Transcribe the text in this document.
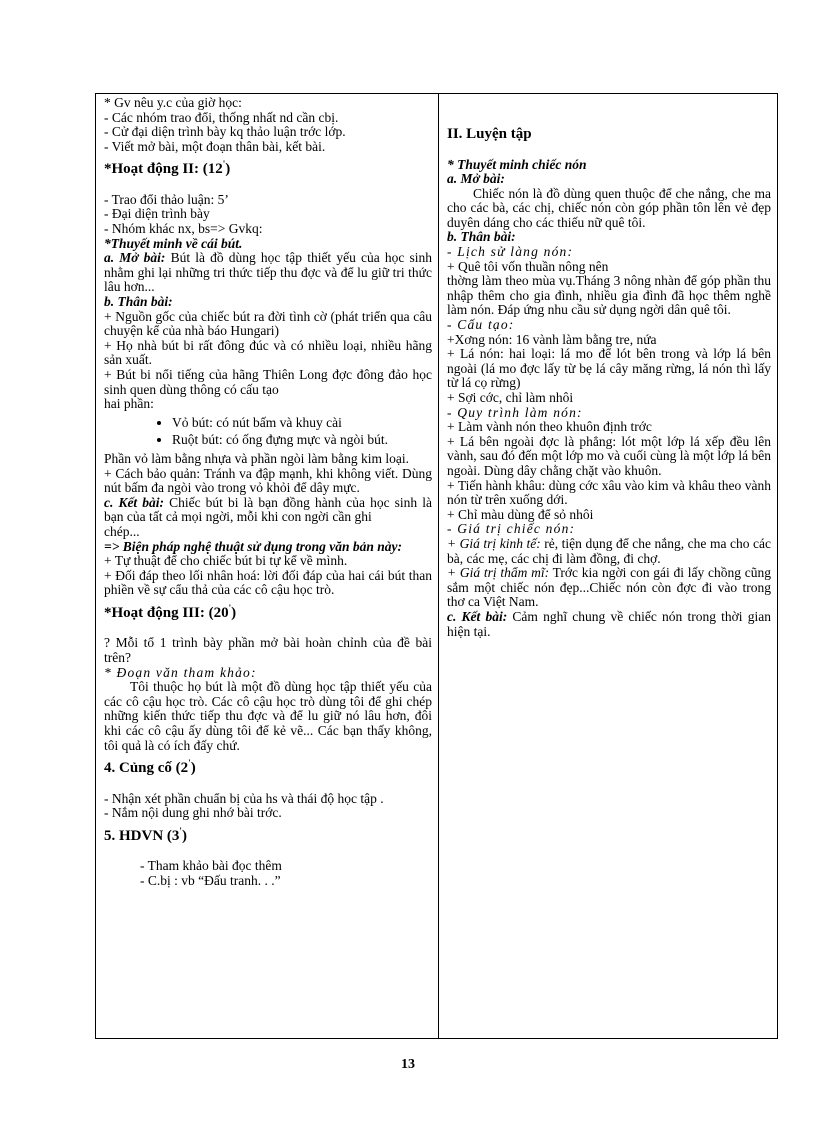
* Gv nêu y.c của giờ học:

- Các nhóm trao đổi, thống nhất nd cần cbị.

- Cử đại diện trình bày kq thảo luận trớc lớp.

- Viết mở bài, một đoạn thân bài, kết bài.

*Hoạt động II: (12')

- Trao đổi thảo luận: 5’

- Đại diện trình bày

- Nhóm khác nx, bs=> Gvkq:

*Thuyết minh về cái bút.

a. Mở bài: Bút là đồ dùng học tập thiết yếu của học sinh nhằm ghi lại những tri thức tiếp thu đợc và để lu giữ tri thức lâu hơn...

b. Thân bài:

+ Nguồn gốc của chiếc bút ra đời tình cờ (phát triển qua câu chuyện kể của nhà báo Hungari)

+ Họ nhà bút bi rất đông đúc và có nhiều loại, nhiều hãng sản xuất.

+ Bút bi nổi tiếng của hãng Thiên Long đợc đông đảo học sinh quen dùng thông có cấu tạo

hai phần:

• Vỏ bút: có nút bấm và khuy cài
• Ruột bút: có ống đựng mực và ngòi bút.

Phần vỏ làm bằng nhựa và phần ngòi làm bằng kim loại.

+ Cách bảo quản: Tránh va đập mạnh, khi không viết. Dùng nút bấm đa ngòi vào trong vỏ khỏi để dây mực.

c. Kết bài: Chiếc bút bi là bạn đồng hành của học sinh là bạn của tất cả mọi ngời, mỗi khi con ngời cần ghi

chép...

=> Biện pháp nghệ thuật sử dụng trong văn bản này:

+ Tự thuật để cho chiếc bút bi tự kể về mình.

+ Đối đáp theo lối nhân hoá: lời đối đáp của hai cái bút than phiền về sự cẩu thả của các cô cậu học trò.

*Hoạt động III: (20')

? Mỗi tổ 1 trình bày phần mở bài hoàn chỉnh của đề bài trên?

* Đoạn văn tham khảo:

Tôi thuộc họ bút là một đồ dùng học tập thiết yếu của các cô cậu học trò. Các cô cậu học trò dùng tôi để ghi chép những kiến thức tiếp thu đợc và để lu giữ nó lâu hơn, đôi khi các cô cậu ấy dùng tôi để kẻ vẽ... Các bạn thấy không, tôi quả là có ích đấy chứ.

4. Củng cố (2')

- Nhận xét phần chuẩn bị của hs và thái độ học tập .

- Nắm nội dung ghi nhớ bài trớc.

5. HDVN (3')

- Tham khảo bài đọc thêm

- C.bị : vb “Đấu tranh. . .”

II. Luyện tập

* Thuyết minh chiếc nón

a. Mở bài:

Chiếc nón là đồ dùng quen thuộc để che nắng, che ma cho các bà, các chị, chiếc nón còn góp phần tôn lên vẻ đẹp duyên dáng cho các thiếu nữ quê tôi.

b. Thân bài:

- Lịch sử làng nón:

+ Quê tôi vốn thuần nông nên

thờng làm theo mùa vụ.Tháng 3 nông nhàn để góp phần thu nhập thêm cho gia đình, nhiều gia đình đã học thêm nghề làm nón. Đáp ứng nhu cầu sử dụng ngời dân quê tôi.

- Cấu tạo:

+Xơng nón: 16 vành làm bằng tre, nứa

+ Lá nón: hai loại: lá mo để lót bên trong và lớp lá bên ngoài (lá mo đợc lấy từ bẹ lá cây măng rừng, lá nón thì lấy từ lá cọ rừng)

+ Sợi cớc, chỉ làm nhôi

- Quy trình làm nón:

+ Làm vành nón theo khuôn định trớc

+ Lá bên ngoài đợc là phẳng: lót một lớp lá xếp đều lên vành, sau đó đến một lớp mo và cuối cùng là một lớp lá bên ngoài. Dùng dây chằng chặt vào khuôn.

+ Tiến hành khâu: dùng cớc xâu vào kim và khâu theo vành nón từ trên xuống dới.

+ Chỉ màu dùng để sỏ nhôi

- Giá trị chiếc nón:

+ Giá trị kinh tế: rẻ, tiện dụng để che nắng, che ma cho các bà, các mẹ, các chị đi làm đồng, đi chợ.

+ Giá trị thẩm mĩ: Trớc kia ngời con gái đi lấy chồng cũng sắm một chiếc nón đẹp...Chiếc nón còn đợc đi vào trong thơ ca Việt Nam.

c. Kết bài: Cảm nghĩ chung về chiếc nón trong thời gian hiện tại.

13
